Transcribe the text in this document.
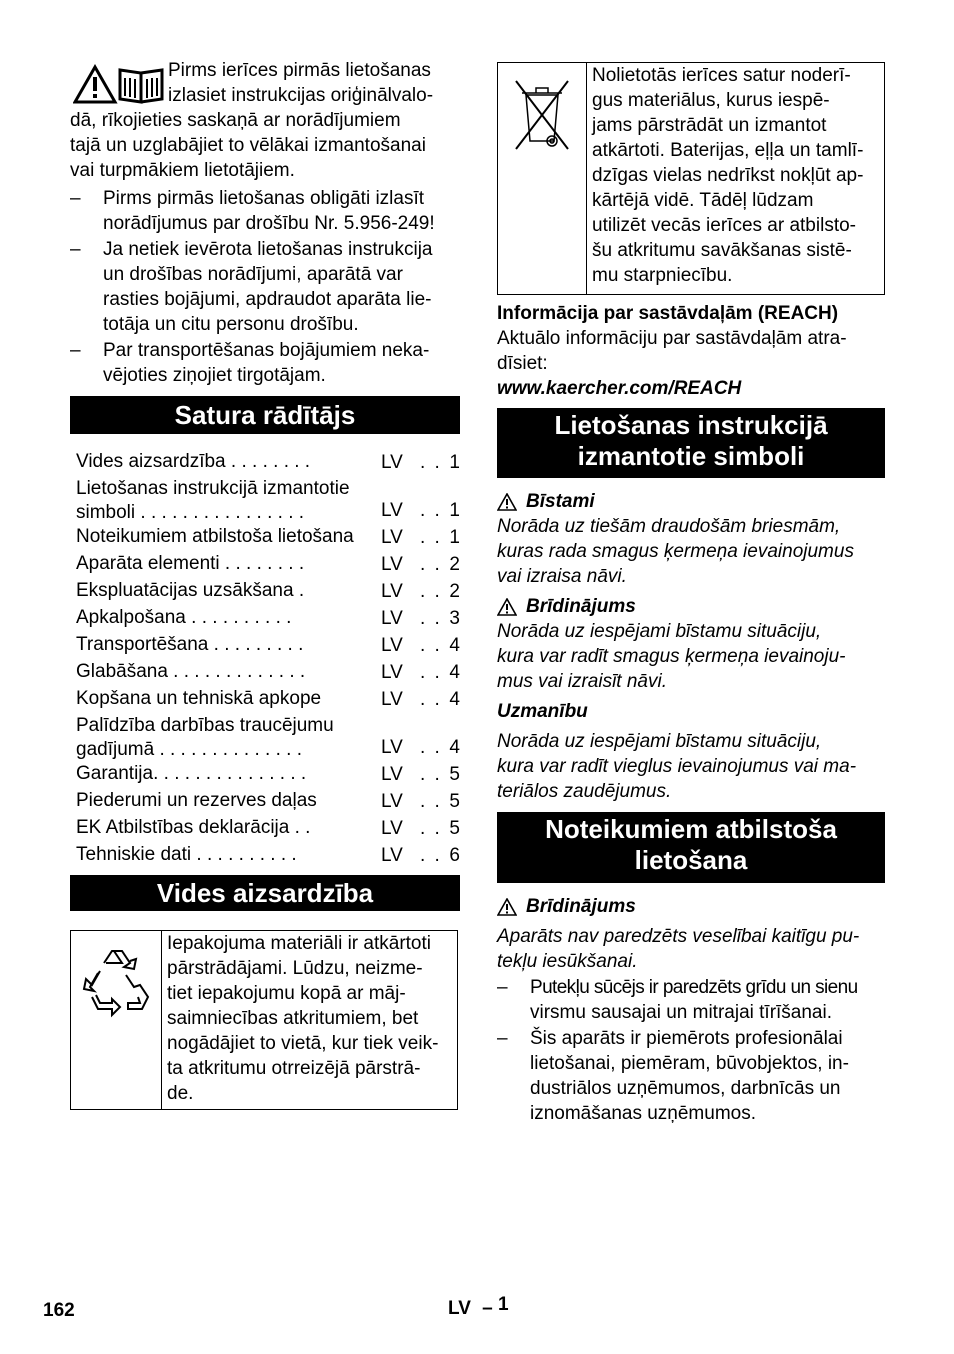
Pirms ierīces pirmās lietošanas
izlasiet instrukcijas oriģinālvalo-
dā, rīkojieties saskaņā ar norādījumiem
tajā un uzglabājiet to vēlākai izmantošanai
vai turpmākiem lietotājiem.
– Pirms pirmās lietošanas obligāti izlasīt
norādījumus par drošību Nr. 5.956-249!
– Ja netiek ievērota lietošanas instrukcija
un drošības norādījumi, aparātā var
rasties bojājumi, apdraudot aparāta lie-
totāja un citu personu drošību.
– Par transportēšanas bojājumiem neka-
vējoties ziņojiet tirgotājam.
Satura rādītājs
Vides aizsardzība . . . . . . . .	LV . . 1
Lietošanas instrukcijā izmantotie simboli . . . . . . . . . . . . . . . .	LV . . 1
Noteikumiem atbilstoša lietošana	LV . . 1
Aparāta elementi . . . . . . . .	LV . . 2
Ekspluatācijas uzsākšana .	LV . . 2
Apkalpošana . . . . . . . . . .	LV . . 3
Transportēšana . . . . . . . . .	LV . . 4
Glabāšana . . . . . . . . . . . . .	LV . . 4
Kopšana un tehniskā apkope	LV . . 4
Palīdzība darbības traucējumu gadījumā . . . . . . . . . . . . . .	LV . . 4
Garantija. . . . . . . . . . . . . . .	LV . . 5
Piederumi un rezerves daļas	LV . . 5
EK Atbilstības deklarācija . .	LV . . 5
Tehniskie dati . . . . . . . . . .	LV . . 6
Vides aizsardzība
Iepakojuma materiāli ir atkārtoti
pārstrādājami. Lūdzu, neizme-
tiet iepakojumu kopā ar māj-
saimniecības atkritumiem, bet
nogādājiet to vietā, kur tiek veik-
ta atkritumu otrreizējā pārstrā-
de.
Nolietotās ierīces satur noderī-
gus materiālus, kurus iespē-
jams pārstrādāt un izmantot
atkārtoti. Baterijas, eļļa un tamlī-
dzīgas vielas nedrīkst nokļūt ap-
kārtējā vidē. Tādēļ lūdzam
utilizēt vecās ierīces ar atbilsto-
šu atkritumu savākšanas sistē-
mu starpniecību.
Informācija par sastāvdaļām (REACH)
Aktuālo informāciju par sastāvdaļām atra-
dīsiet:
www.kaercher.com/REACH
Lietošanas instrukcijā
izmantotie simboli
Bīstami
Norāda uz tiešām draudošām briesmām,
kuras rada smagus ķermeņa ievainojumus
vai izraisa nāvi.
Brīdinājums
Norāda uz iespējami bīstamu situāciju,
kura var radīt smagus ķermeņa ievainoju-
mus vai izraisīt nāvi.
Uzmanību
Norāda uz iespējami bīstamu situāciju,
kura var radīt vieglus ievainojumus vai ma-
teriālos zaudējumus.
Noteikumiem atbilstoša
lietošana
Brīdinājums
Aparāts nav paredzēts veselībai kaitīgu pu-
tekļu iesūkšanai.
– Putekļu sūcējs ir paredzēts grīdu un sienu
virsmu sausajai un mitrajai tīrīšanai.
– Šis aparāts ir piemērots profesionālai
lietošanai, piemēram, būvobjektos, in-
dustriālos uzņēmumos, darbnīcās un
iznomāšanas uzņēmumos.
162	LV – 1
